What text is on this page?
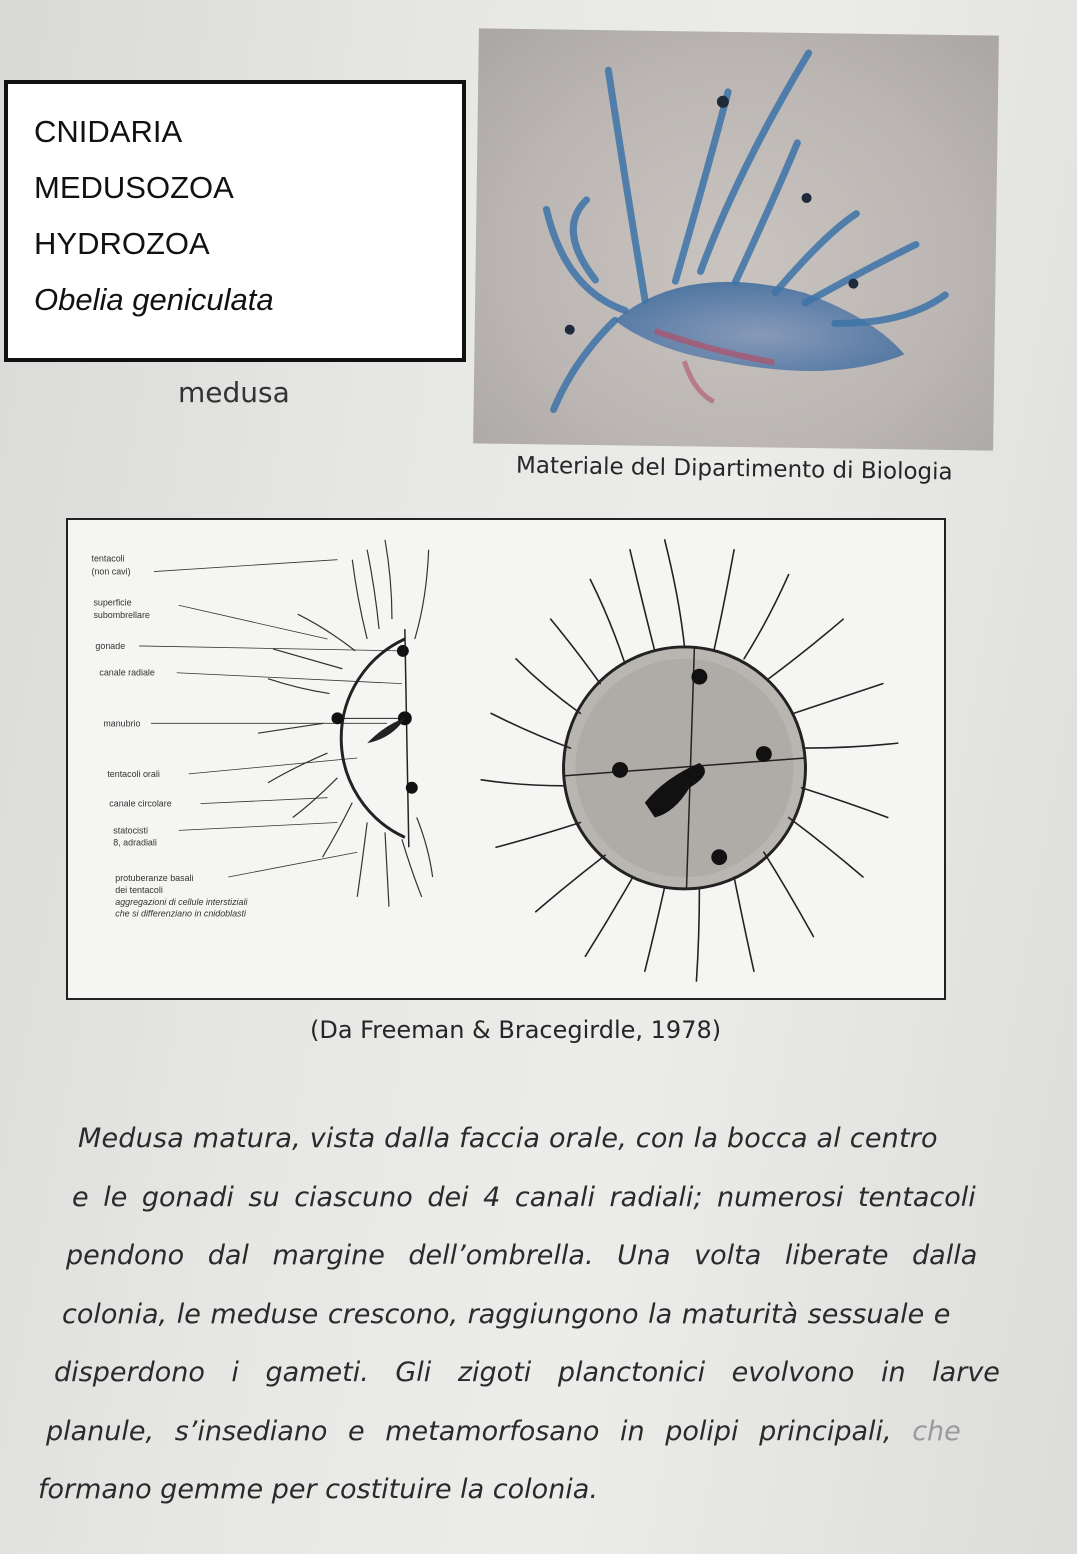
CNIDARIA
MEDUSOZOA
HYDROZOA
Obelia geniculata
medusa
Materiale del Dipartimento di Biologia
tentacoli
(non cavi)
superficie
subombrellare
gonade
canale radiale
manubrio
tentacoli orali
canale circolare
statocisti
8, adradiali
protuberanze basali
dei tentacoli
aggregazioni di cellule interstiziali
che si differenziano in cnidoblasti
(Da Freeman & Bracegirdle, 1978)
Medusa matura, vista dalla faccia orale, con la bocca al centro
e le gonadi su ciascuno dei 4 canali radiali; numerosi tentacoli
pendono dal margine dell’ombrella. Una volta liberate dalla
colonia, le meduse crescono, raggiungono la maturità sessuale e
disperdono i gameti. Gli zigoti planctonici evolvono in larve
planule, s’insediano e metamorfosano in polipi principali, che
formano gemme per costituire la colonia.
